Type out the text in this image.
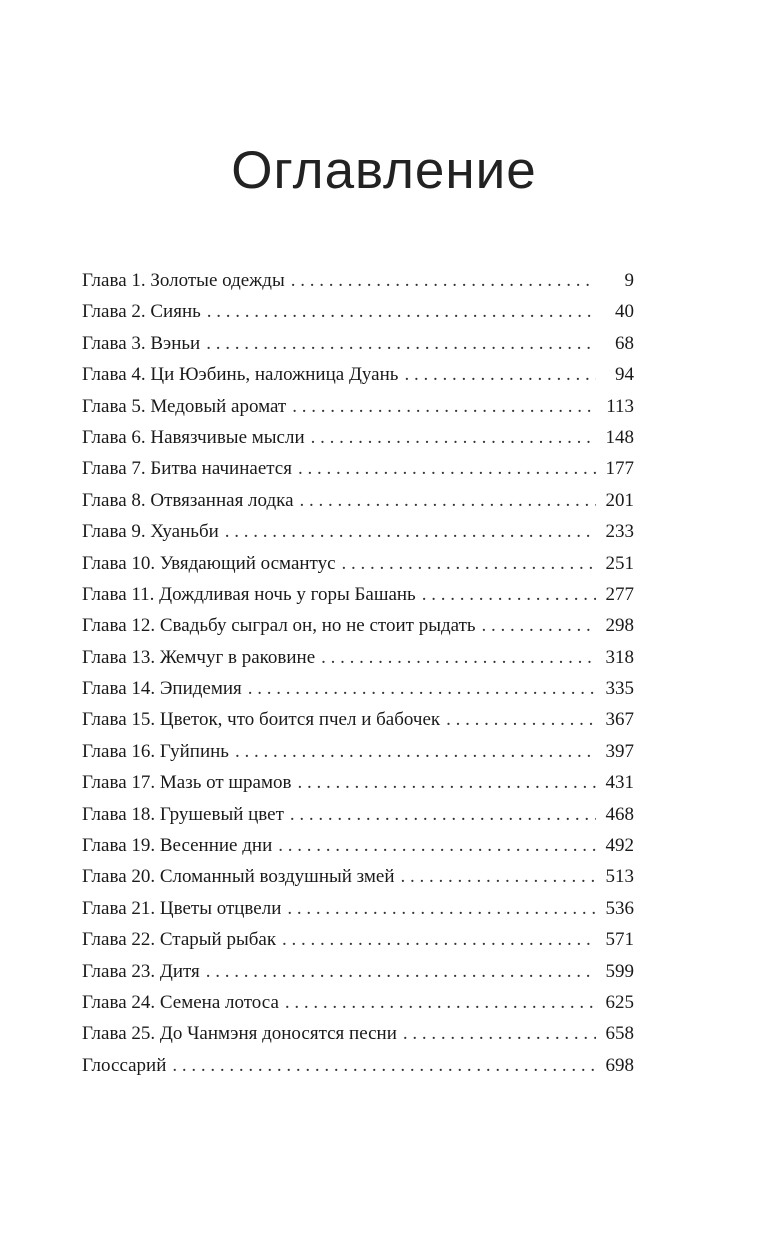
Оглавление
Глава 1. Золотые одежды . . .	9
Глава 2. Сиянь . . .	40
Глава 3. Вэньи . . .	68
Глава 4. Ци Юэбинь, наложница Дуань . . .	94
Глава 5. Медовый аромат . . .	113
Глава 6. Навязчивые мысли . . .	148
Глава 7. Битва начинается . . .	177
Глава 8. Отвязанная лодка . . .	201
Глава 9. Хуаньби . . .	233
Глава 10. Увядающий османтус . . .	251
Глава 11. Дождливая ночь у горы Башань . . .	277
Глава 12. Свадьбу сыграл он, но не стоит рыдать . . .	298
Глава 13. Жемчуг в раковине . . .	318
Глава 14. Эпидемия . . .	335
Глава 15. Цветок, что боится пчел и бабочек . . .	367
Глава 16. Гуйпинь . . .	397
Глава 17. Мазь от шрамов . . .	431
Глава 18. Грушевый цвет . . .	468
Глава 19. Весенние дни . . .	492
Глава 20. Сломанный воздушный змей . . .	513
Глава 21. Цветы отцвели . . .	536
Глава 22. Старый рыбак . . .	571
Глава 23. Дитя . . .	599
Глава 24. Семена лотоса . . .	625
Глава 25. До Чанмэня доносятся песни . . .	658
Глоссарий . . .	698
